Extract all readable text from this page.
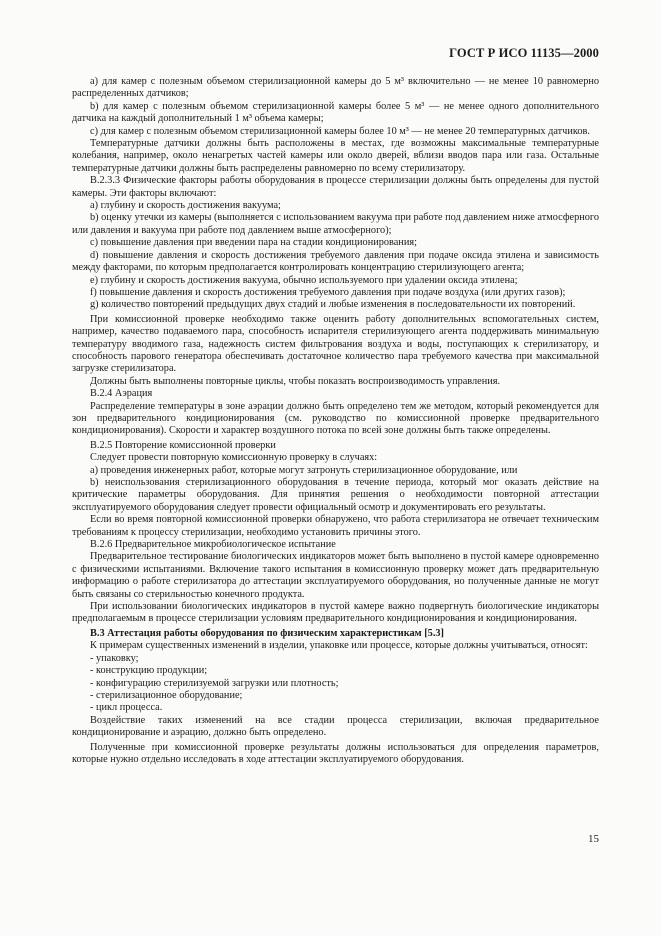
ГОСТ Р ИСО 11135—2000

а) для камер с полезным объемом стерилизационной камеры до 5 м³ включительно — не менее 10 равномерно распределенных датчиков;

b) для камер с полезным объемом стерилизационной камеры более 5 м³ — не менее одного дополнительного датчика на каждый дополнительный 1 м³ объема камеры;

с) для камер с полезным объемом стерилизационной камеры более 10 м³ — не менее 20 температурных датчиков.

Температурные датчики должны быть расположены в местах, где возможны максимальные температурные колебания, например, около ненагретых частей камеры или около дверей, вблизи вводов пара или газа. Остальные температурные датчики должны быть распределены равномерно по всему стерилизатору.

В.2.3.3 Физические факторы работы оборудования в процессе стерилизации должны быть определены для пустой камеры. Эти факторы включают:

а) глубину и скорость достижения вакуума;

b) оценку утечки из камеры (выполняется с использованием вакуума при работе под давлением ниже атмосферного или давления и вакуума при работе под давлением выше атмосферного);

с) повышение давления при введении пара на стадии кондиционирования;

d) повышение давления и скорость достижения требуемого давления при подаче оксида этилена и зависимость между факторами, по которым предполагается контролировать концентрацию стерилизующего агента;

е) глубину и скорость достижения вакуума, обычно используемого при удалении оксида этилена;

f) повышение давления и скорость достижения требуемого давления при подаче воздуха (или других газов);

g) количество повторений предыдущих двух стадий и любые изменения в последовательности их повторений.

При комиссионной проверке необходимо также оценить работу дополнительных вспомогательных систем, например, качество подаваемого пара, способность испарителя стерилизующего агента поддерживать минимальную температуру вводимого газа, надежность систем фильтрования воздуха и воды, поступающих к стерилизатору, и способность парового генератора обеспечивать достаточное количество пара требуемого качества при максимальной загрузке стерилизатора.

Должны быть выполнены повторные циклы, чтобы показать воспроизводимость управления.

В.2.4 Аэрация

Распределение температуры в зоне аэрации должно быть определено тем же методом, который рекомендуется для зон предварительного кондиционирования (см. руководство по комиссионной проверке предварительного кондиционирования). Скорости и характер воздушного потока по всей зоне должны быть также определены.

В.2.5 Повторение комиссионной проверки

Следует провести повторную комиссионную проверку в случаях:

а) проведения инженерных работ, которые могут затронуть стерилизационное оборудование, или

b) неиспользования стерилизационного оборудования в течение периода, который мог оказать действие на критические параметры оборудования. Для принятия решения о необходимости повторной аттестации эксплуатируемого оборудования следует провести официальный осмотр и документировать его результаты.

Если во время повторной комиссионной проверки обнаружено, что работа стерилизатора не отвечает техническим требованиям к процессу стерилизации, необходимо установить причины этого.

В.2.6 Предварительное микробиологическое испытание

Предварительное тестирование биологических индикаторов может быть выполнено в пустой камере одновременно с физическими испытаниями. Включение такого испытания в комиссионную проверку может дать предварительную информацию о работе стерилизатора до аттестации эксплуатируемого оборудования, но полученные данные не могут быть связаны со стерильностью конечного продукта.

При использовании биологических индикаторов в пустой камере важно подвергнуть биологические индикаторы предполагаемым в процессе стерилизации условиям предварительного кондиционирования и кондиционирования.

В.3 Аттестация работы оборудования по физическим характеристикам [5.3]

К примерам существенных изменений в изделии, упаковке или процессе, которые должны учитываться, относят:

- упаковку;

- конструкцию продукции;

- конфигурацию стерилизуемой загрузки или плотность;

- стерилизационное оборудование;

- цикл процесса.

Воздействие таких изменений на все стадии процесса стерилизации, включая предварительное кондиционирование и аэрацию, должно быть определено.

Полученные при комиссионной проверке результаты должны использоваться для определения параметров, которые нужно отдельно исследовать в ходе аттестации эксплуатируемого оборудования.

15
